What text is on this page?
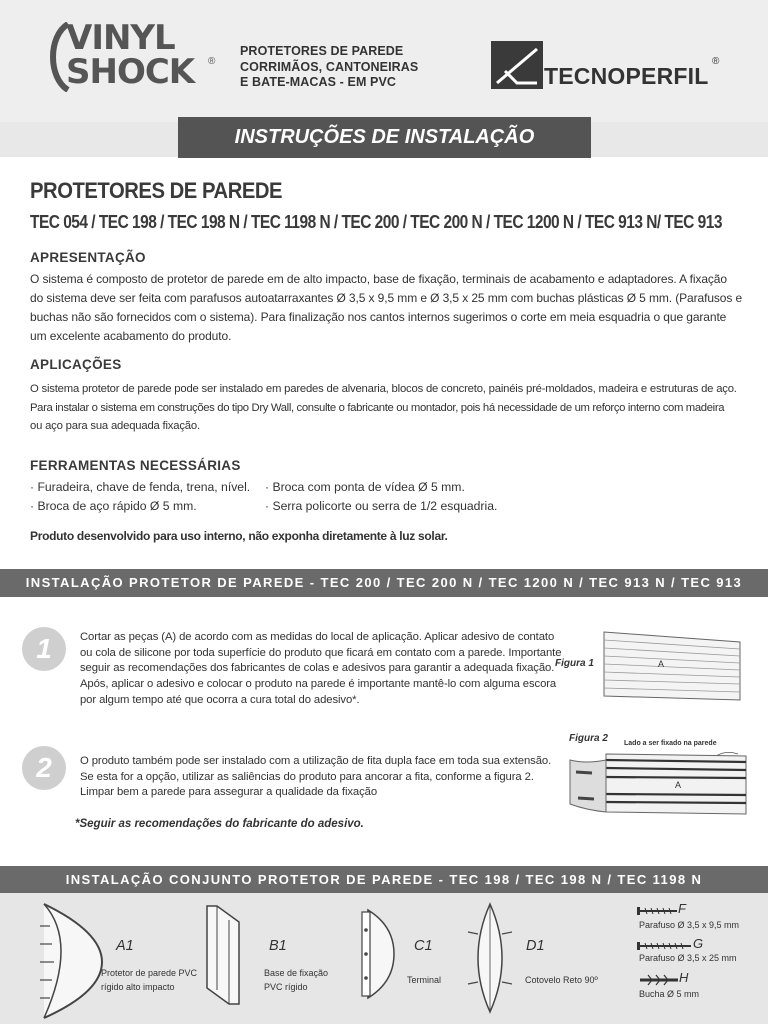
VINYL
SHOCK ®
PROTETORES DE PAREDE
CORRIMÃOS, CANTONEIRAS
E BATE-MACAS - EM PVC	TECNOPERFIL
®
INSTRUÇÕES DE INSTALAÇÃO
PROTETORES DE PAREDE
TEC 054 / TEC 198 / TEC 198 N / TEC 1198 N / TEC 200 / TEC 200 N / TEC 1200 N / TEC 913 N/ TEC 913
APRESENTAÇÃO
O sistema é composto de protetor de parede em de alto impacto, base de fixação, terminais de acabamento e adaptadores. A fixação
do sistema deve ser feita com parafusos autoatarraxantes Ø 3,5 x 9,5 mm e Ø 3,5 x 25 mm com buchas plásticas Ø 5 mm. (Parafusos e
buchas não são fornecidos com o sistema). Para finalização nos cantos internos sugerimos o corte em meia esquadria o que garante
um excelente acabamento do produto.
APLICAÇÕES
O sistema protetor de parede pode ser instalado em paredes de alvenaria, blocos de concreto, painéis pré-moldados, madeira e estruturas de aço.
Para instalar o sistema em construções do tipo Dry Wall, consulte o fabricante ou montador, pois há necessidade de um reforço interno com madeira
ou aço para sua adequada fixação.
FERRAMENTAS NECESSÁRIAS
· Furadeira, chave de fenda, trena, nível.
· Broca de aço rápido Ø 5 mm.
· Broca com ponta de vídea Ø 5 mm.
· Serra policorte ou serra de 1/2 esquadria.
Produto desenvolvido para uso interno, não exponha diretamente à luz solar.
INSTALAÇÃO PROTETOR DE PAREDE - TEC 200 / TEC 200 N / TEC 1200 N / TEC 913 N / TEC 913
1	Cortar as peças (A) de acordo com as medidas do local de aplicação. Aplicar adesivo de contato
ou cola de silicone por toda superfície do produto que ficará em contato com a parede. Importante
seguir as recomendações dos fabricantes de colas e adesivos para garantir a adequada fixação.
Após, aplicar o adesivo e colocar o produto na parede é importante mantê-lo com alguma escora
por algum tempo até que ocorra a cura total do adesivo*.
Figura 1	A
2	O produto também pode ser instalado com a utilização de fita dupla face em toda sua extensão.
Se esta for a opção, utilizar as saliências do produto para ancorar a fita, conforme a figura 2.
Limpar bem a parede para assegurar a qualidade da fixação
Figura 2 Lado a ser fixado na parede
A
*Seguir as recomendações do fabricante do adesivo.
INSTALAÇÃO CONJUNTO PROTETOR DE PAREDE - TEC 198 / TEC 198 N / TEC 1198 N
A1
Protetor de parede PVC
rígido alto impacto
B1
Base de fixação
PVC rígido
C1
Terminal
D1
Cotovelo Reto 90º
F
Parafuso Ø 3,5 x 9,5 mm
G
Parafuso Ø 3,5 x 25 mm
H
Bucha Ø 5 mm
